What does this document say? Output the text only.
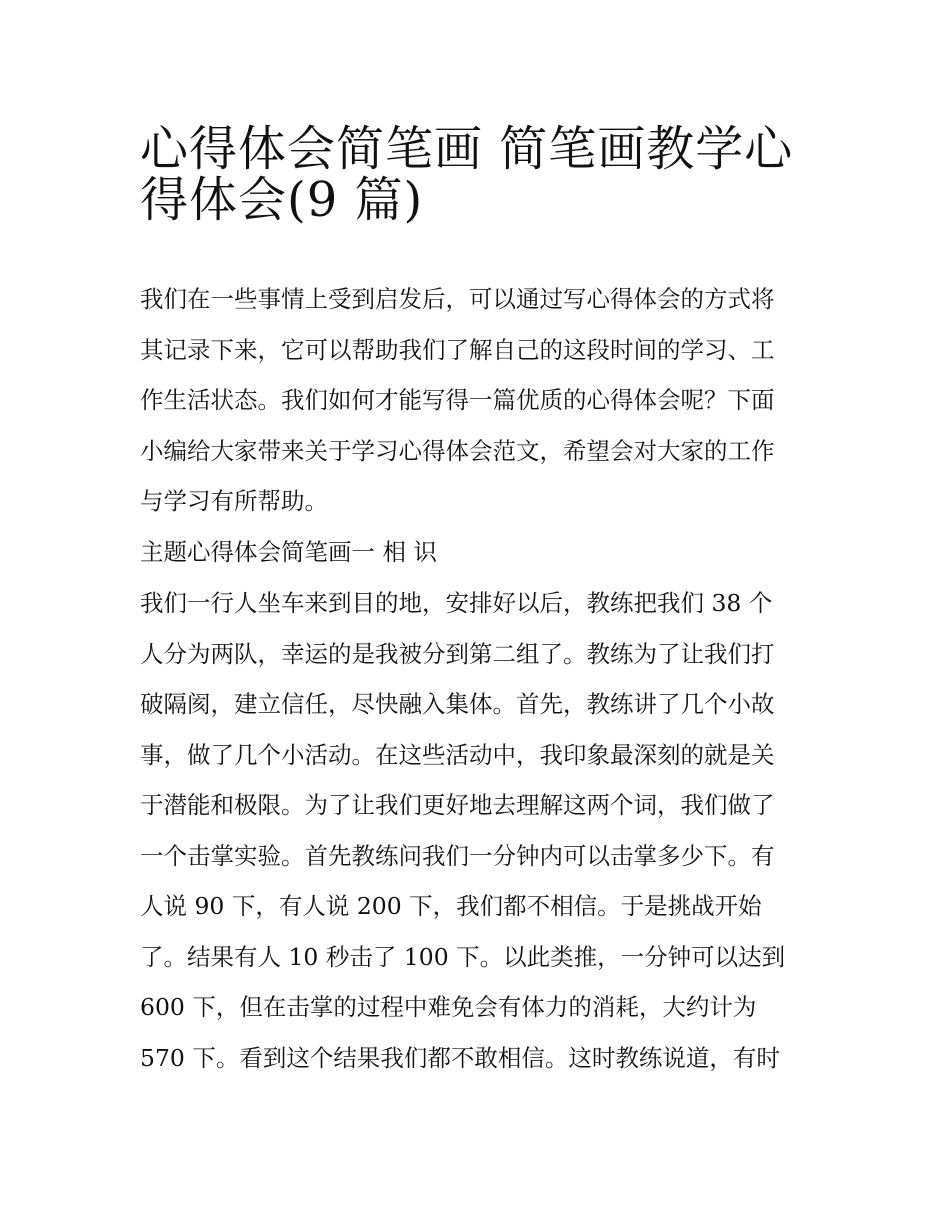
心得体会简笔画 简笔画教学心
得体会(9 篇)

我们在一些事情上受到启发后，可以通过写心得体会的方式将
其记录下来，它可以帮助我们了解自己的这段时间的学习、工
作生活状态。我们如何才能写得一篇优质的心得体会呢？下面
小编给大家带来关于学习心得体会范文，希望会对大家的工作
与学习有所帮助。

主题心得体会简笔画一 相 识

我们一行人坐车来到目的地，安排好以后，教练把我们 38 个
人分为两队，幸运的是我被分到第二组了。教练为了让我们打
破隔阂，建立信任，尽快融入集体。首先，教练讲了几个小故
事，做了几个小活动。在这些活动中，我印象最深刻的就是关
于潜能和极限。为了让我们更好地去理解这两个词，我们做了
一个击掌实验。首先教练问我们一分钟内可以击掌多少下。有
人说 90 下，有人说 200 下，我们都不相信。于是挑战开始
了。结果有人 10 秒击了 100 下。以此类推，一分钟可以达到
600 下，但在击掌的过程中难免会有体力的消耗，大约计为
570 下。看到这个结果我们都不敢相信。这时教练说道，有时
